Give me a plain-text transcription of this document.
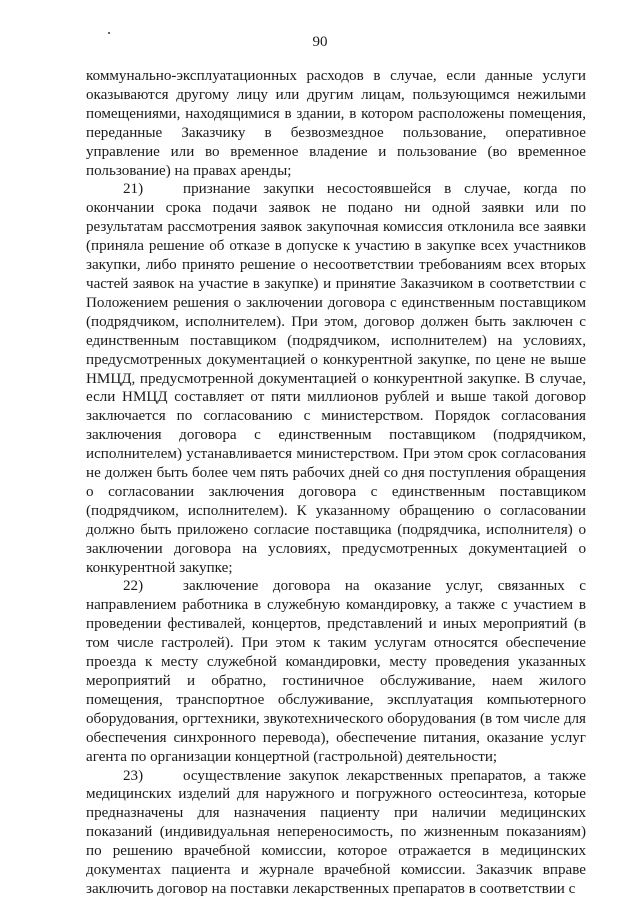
90

коммунально-эксплуатационных расходов в случае, если данные услуги оказываются другому лицу или другим лицам, пользующимся нежилыми помещениями, находящимися в здании, в котором расположены помещения, переданные Заказчику в безвозмездное пользование, оперативное управление или во временное владение и пользование (во временное пользование) на правах аренды;

21)	признание закупки несостоявшейся в случае, когда по окончании срока подачи заявок не подано ни одной заявки или по результатам рассмотрения заявок закупочная комиссия отклонила все заявки (приняла решение об отказе в допуске к участию в закупке всех участников закупки, либо принято решение о несоответствии требованиям всех вторых частей заявок на участие в закупке) и принятие Заказчиком в соответствии с Положением решения о заключении договора с единственным поставщиком (подрядчиком, исполнителем). При этом, договор должен быть заключен с единственным поставщиком (подрядчиком, исполнителем) на условиях, предусмотренных документацией о конкурентной закупке, по цене не выше НМЦД, предусмотренной документацией о конкурентной закупке. В случае, если НМЦД составляет от пяти миллионов рублей и выше такой договор заключается по согласованию с министерством. Порядок согласования заключения договора с единственным поставщиком (подрядчиком, исполнителем) устанавливается министерством. При этом срок согласования не должен быть более чем пять рабочих дней со дня поступления обращения о согласовании заключения договора с единственным поставщиком (подрядчиком, исполнителем). К указанному обращению о согласовании должно быть приложено согласие поставщика (подрядчика, исполнителя) о заключении договора на условиях, предусмотренных документацией о конкурентной закупке;

22)	заключение договора на оказание услуг, связанных с направлением работника в служебную командировку, а также с участием в проведении фестивалей, концертов, представлений и иных мероприятий (в том числе гастролей). При этом к таким услугам относятся обеспечение проезда к месту служебной командировки, месту проведения указанных мероприятий и обратно, гостиничное обслуживание, наем жилого помещения, транспортное обслуживание, эксплуатация компьютерного оборудования, оргтехники, звукотехнического оборудования (в том числе для обеспечения синхронного перевода), обеспечение питания, оказание услуг агента по организации концертной (гастрольной) деятельности;

23)	осуществление закупок лекарственных препаратов, а также медицинских изделий для наружного и погружного остеосинтеза, которые предназначены для назначения пациенту при наличии медицинских показаний (индивидуальная непереносимость, по жизненным показаниям) по решению врачебной комиссии, которое отражается в медицинских документах пациента и журнале врачебной комиссии. Заказчик вправе заключить договор на поставки лекарственных препаратов в соответствии с
